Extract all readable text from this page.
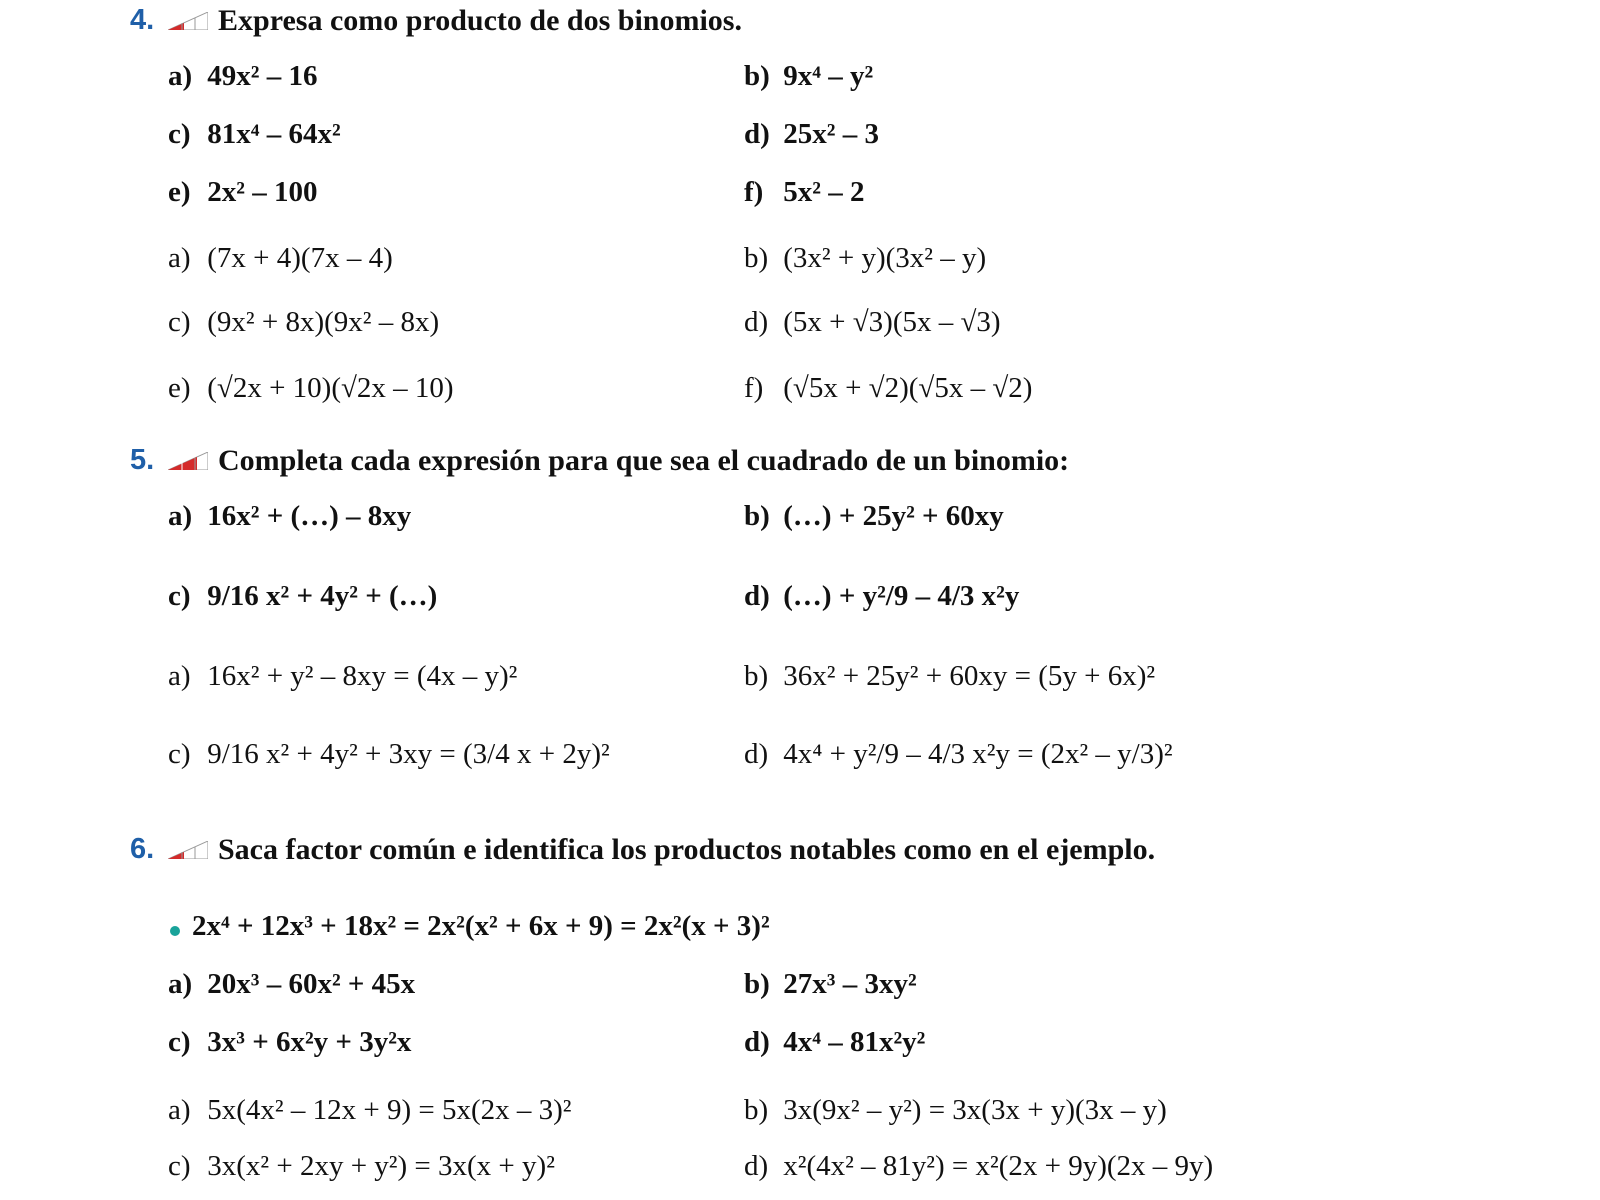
4. Expresa como producto de dos binomios.
a) 49x² – 16	b) 9x⁴ – y²
c) 81x⁴ – 64x²	d) 25x² – 3
e) 2x² – 100	f) 5x² – 2
a) (7x + 4)(7x – 4)	b) (3x² + y)(3x² – y)
c) (9x² + 8x)(9x² – 8x)	d) (5x + √3)(5x – √3)
e) (√2x + 10)(√2x – 10)	f) (√5x + √2)(√5x – √2)
5. Completa cada expresión para que sea el cuadrado de un binomio:
a) 16x² + (…) – 8xy	b) (…) + 25y² + 60xy
c) 9/16 x² + 4y² + (…)	d) (…) + y²/9 – 4/3 x²y
a) 16x² + y² – 8xy = (4x – y)²	b) 36x² + 25y² + 60xy = (5y + 6x)²
c) 9/16 x² + 4y² + 3xy = (3/4 x + 2y)²	d) 4x⁴ + y²/9 – 4/3 x²y = (2x² – y/3)²
6. Saca factor común e identifica los productos notables como en el ejemplo.
2x⁴ + 12x³ + 18x² = 2x²(x² + 6x + 9) = 2x²(x + 3)²
a) 20x³ – 60x² + 45x	b) 27x³ – 3xy²
c) 3x³ + 6x²y + 3y²x	d) 4x⁴ – 81x²y²
a) 5x(4x² – 12x + 9) = 5x(2x – 3)²	b) 3x(9x² – y²) = 3x(3x + y)(3x – y)
c) 3x(x² + 2xy + y²) = 3x(x + y)²	d) x²(4x² – 81y²) = x²(2x + 9y)(2x – 9y)
